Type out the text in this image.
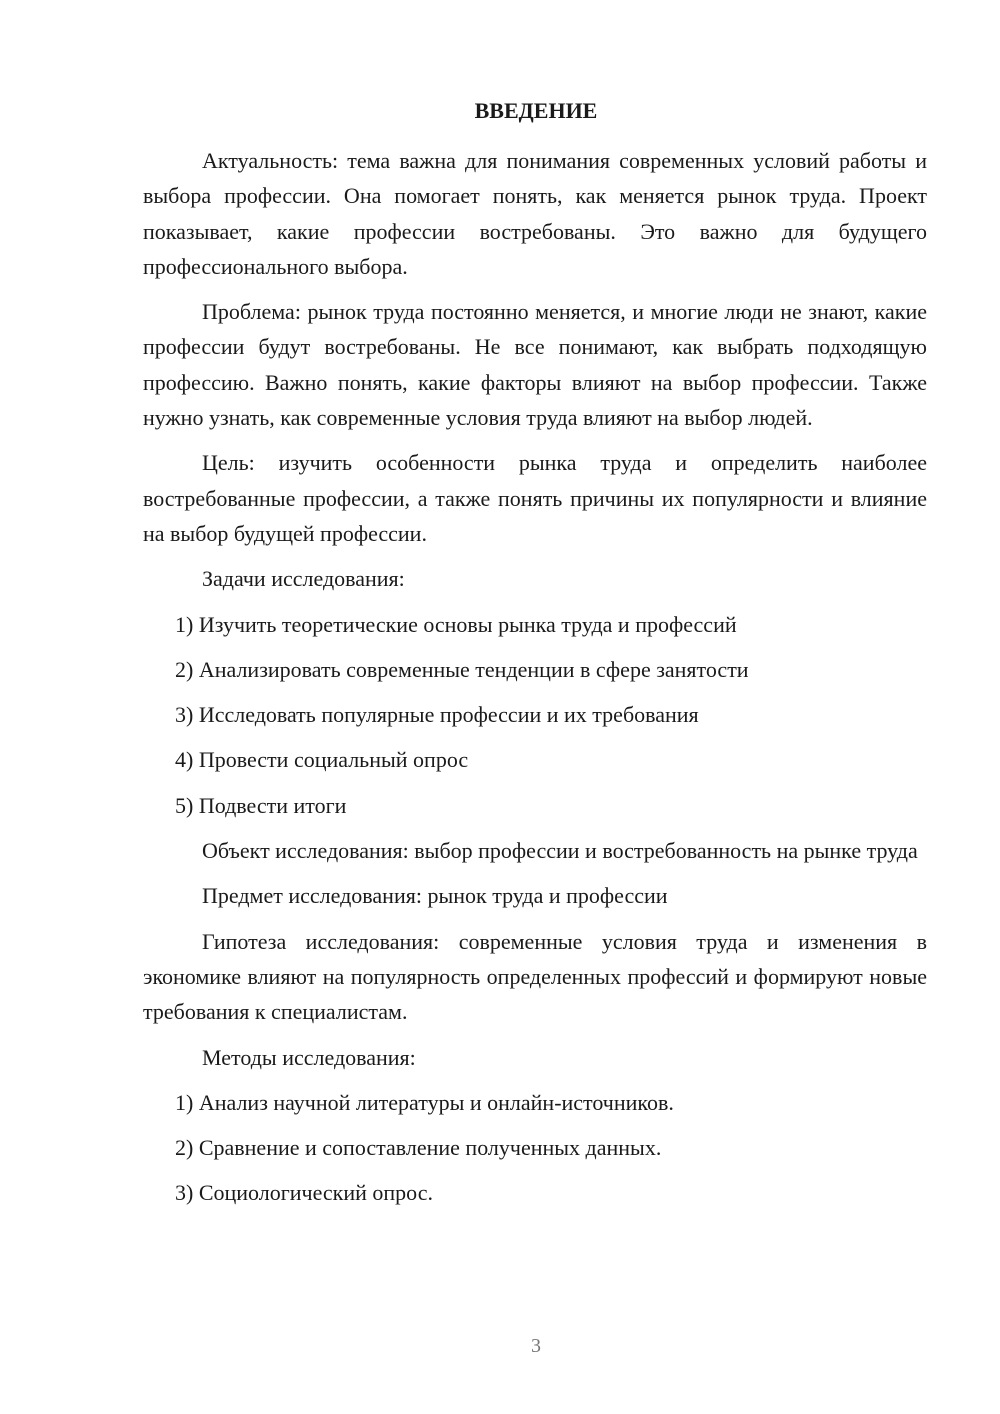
ВВЕДЕНИЕ

Актуальность: тема важна для понимания современных условий работы и выбора профессии. Она помогает понять, как меняется рынок труда. Проект показывает, какие профессии востребованы. Это важно для будущего профессионального выбора.

Проблема: рынок труда постоянно меняется, и многие люди не знают, какие профессии будут востребованы. Не все понимают, как выбрать подходящую профессию. Важно понять, какие факторы влияют на выбор профессии. Также нужно узнать, как современные условия труда влияют на выбор людей.

Цель: изучить особенности рынка труда и определить наиболее востребованные профессии, а также понять причины их популярности и влияние на выбор будущей профессии.

Задачи исследования:

1) Изучить теоретические основы рынка труда и профессий

2) Анализировать современные тенденции в сфере занятости

3) Исследовать популярные профессии и их требования

4) Провести социальный опрос

5) Подвести итоги

Объект исследования: выбор профессии и востребованность на рынке труда

Предмет исследования: рынок труда и профессии

Гипотеза исследования: современные условия труда и изменения в экономике влияют на популярность определенных профессий и формируют новые требования к специалистам.

Методы исследования:

1) Анализ научной литературы и онлайн-источников.

2) Сравнение и сопоставление полученных данных.

3) Социологический опрос.

3
